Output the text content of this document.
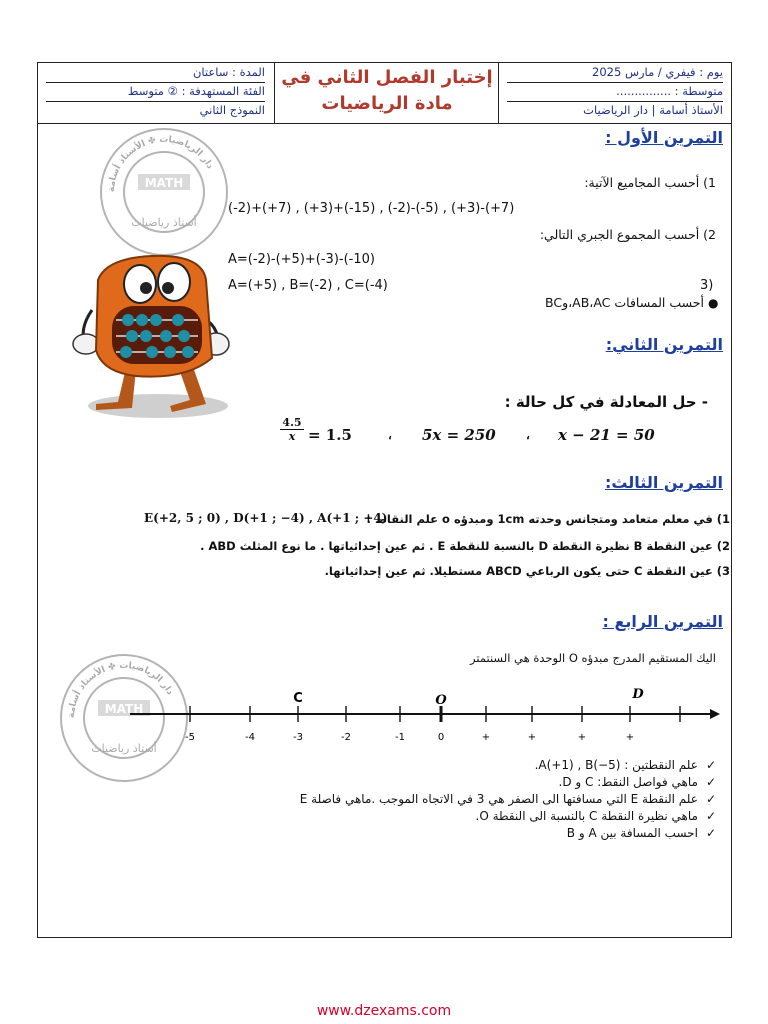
يوم : فيفري / مارس 2025
متوسطة : ...............
الأستاذ أسامة | دار الرياضيات
إختبار الفصل الثاني في
مادة الرياضيات
المدة : ساعتان
الفئة المستهدفة : ② متوسط
النموذج الثاني
دار الرياضيات ✤ الأستاذ أسامة
MATH
أستاذ رياضيات
دار الرياضيات ✤ الأستاذ أسامة
MATH
أستاذ رياضيات
التمرين الأول :
1) أحسب المجاميع الآتية:
(-2)+(+7) , (+3)+(-15) , (-2)-(-5) , (+3)-(+7)
2) أحسب المجموع الجبري التالي:
A=(-2)-(+5)+(-3)-(-10)
A=(+5) , B=(-2) , C=(-4)	3)
أحسب المسافات AB،AC،وBC ●
التمرين الثاني:
- حل المعادلة في كل حالة :
$\frac{4.5}{x} = 1.5$	، 5x = 250	، x − 21 = 50
التمرين الثالث:
1) في معلم متعامد ومتجانس وحدته 1cm ومبدؤه o علم النقاط :
E(+2, 5 ; 0) , D(+1 ; −4) , A(+1 ; +4)
2) عين النقطة B نظيرة النقطة D بالنسبة للنقطة E . ثم عين إحداثياتها . ما نوع المثلث ABD .
3) عين النقطة C حتى يكون الرباعي ABCD مستطيلا. ثم عين إحداثياتها.
التمرين الرابع :
اليك المستقيم المدرج مبدؤه O الوحدة هي السنتمتر
-5	-4	-3	-2	-1	0	+	+	+	+
C	O	D
✓علم النقطتين : A(+1) , B(−5).
✓ماهي فواصل النقط: C و D.
✓علم النقطة E التي مسافتها الى الصفر هي 3 في الاتجاه الموجب .ماهي فاصلة E
✓ماهي نظيرة النقطة C بالنسبة الى النقطة O.
✓احسب المسافة بين A و B
www.dzexams.com
